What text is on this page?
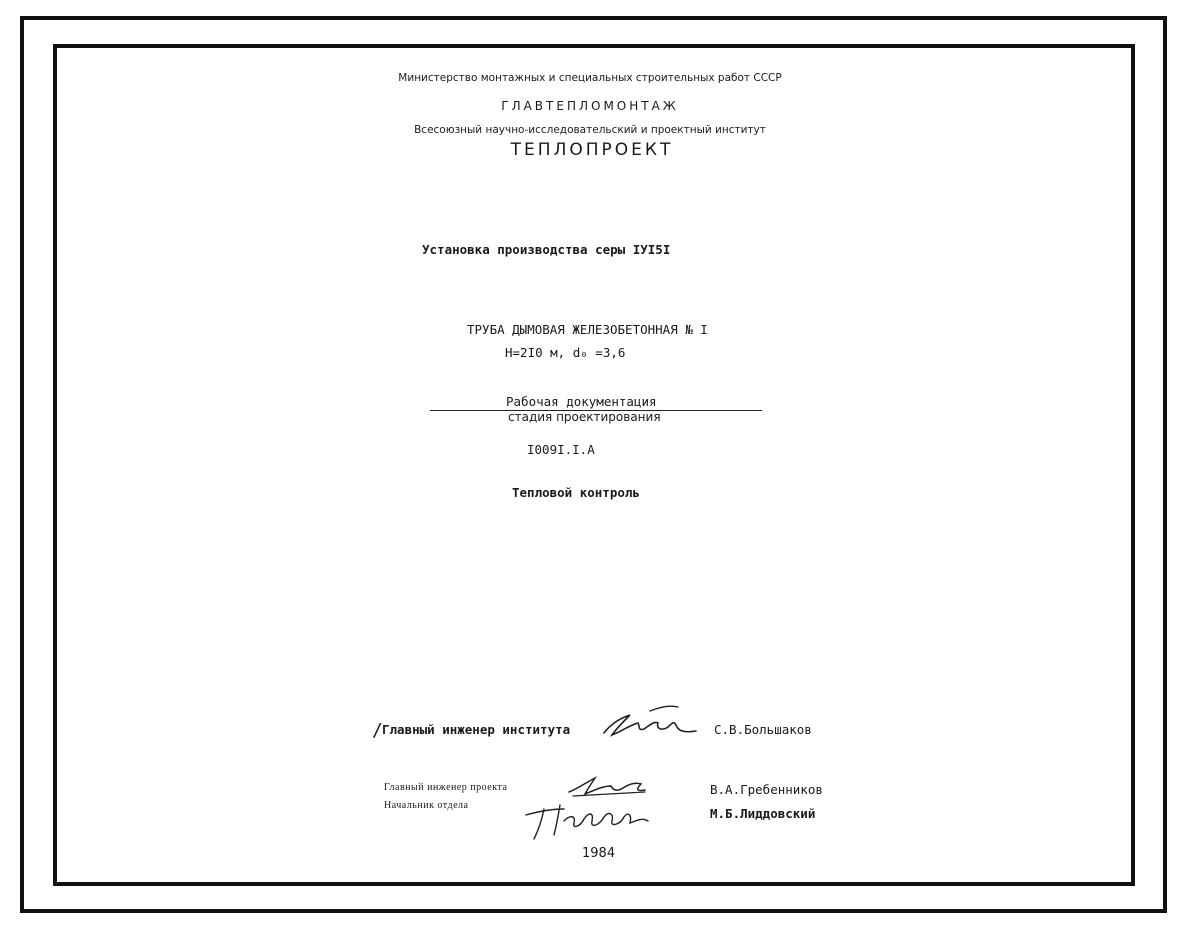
Министерство монтажных и специальных строительных работ СССР
ГЛАВТЕПЛОМОНТАЖ
Всесоюзный научно-исследовательский и проектный институт
ТЕПЛОПРОЕКТ
Установка производства серы IУI5I
ТРУБА ДЫМОВАЯ ЖЕЛЕЗОБЕТОННАЯ № I
H=2I0 м, d₀ =3,6
Рабочая документация
стадия проектирования
I009I.I.A
Тепловой контроль
/ Главный инженер института	С.В.Большаков
Главный инженер проекта
Начальник отдела
В.А.Гребенников
М.Б.Лиддовский
1984
